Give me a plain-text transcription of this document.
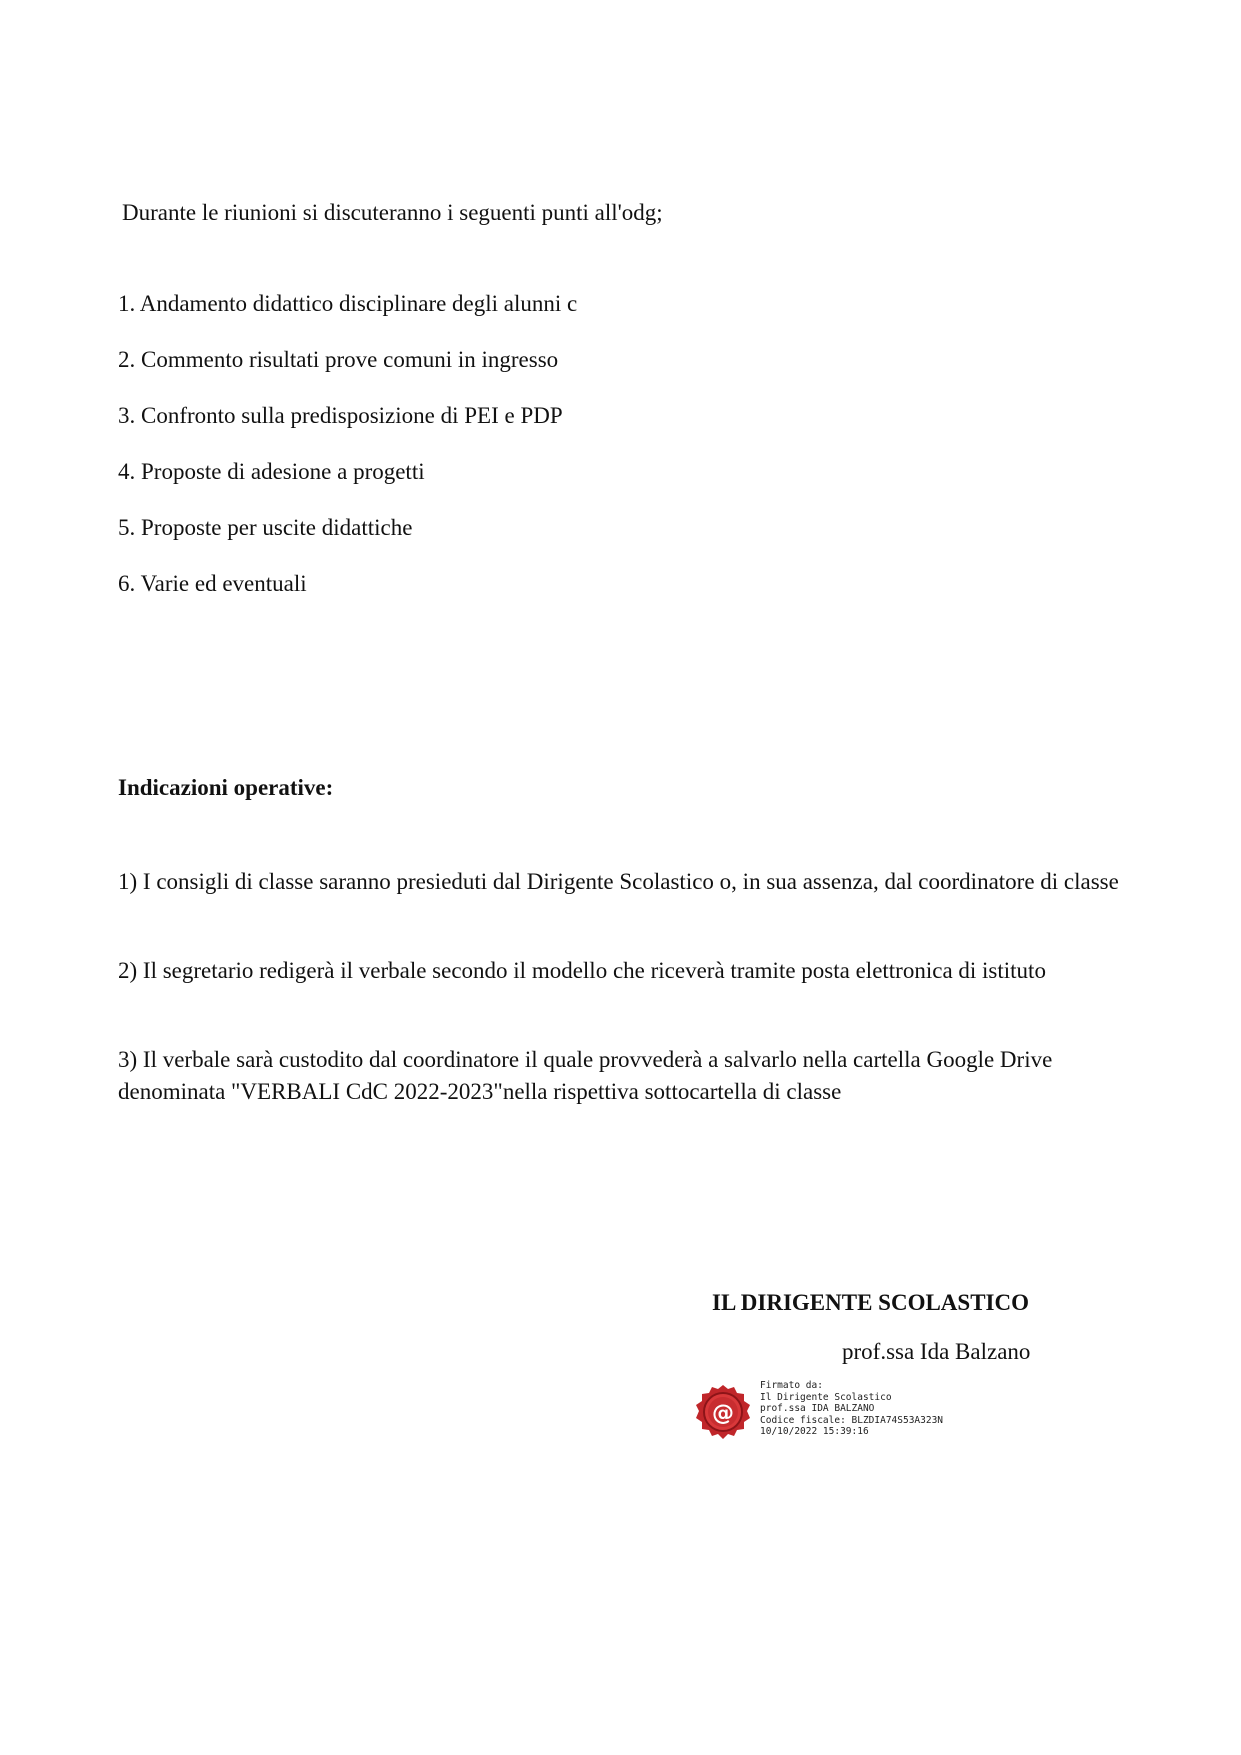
Durante le riunioni si discuteranno i seguenti punti all'odg;
1. Andamento didattico disciplinare degli alunni c
2. Commento risultati prove comuni in ingresso
3. Confronto sulla predisposizione di PEI e PDP
4. Proposte di adesione a progetti
5. Proposte per uscite didattiche
6. Varie ed eventuali
Indicazioni operative:
1) I consigli di classe saranno presieduti dal Dirigente Scolastico o, in sua assenza, dal coordinatore di classe
2) Il segretario redigerà il verbale secondo il modello che riceverà tramite posta elettronica di istituto
3) Il verbale sarà custodito dal coordinatore il quale provvederà a salvarlo nella cartella Google Drive denominata "VERBALI CdC 2022-2023"nella rispettiva sottocartella di classe
IL DIRIGENTE SCOLASTICO
prof.ssa Ida Balzano
@
Firmato da:
Il Dirigente Scolastico
prof.ssa IDA BALZANO
Codice fiscale: BLZDIA74S53A323N
10/10/2022 15:39:16
